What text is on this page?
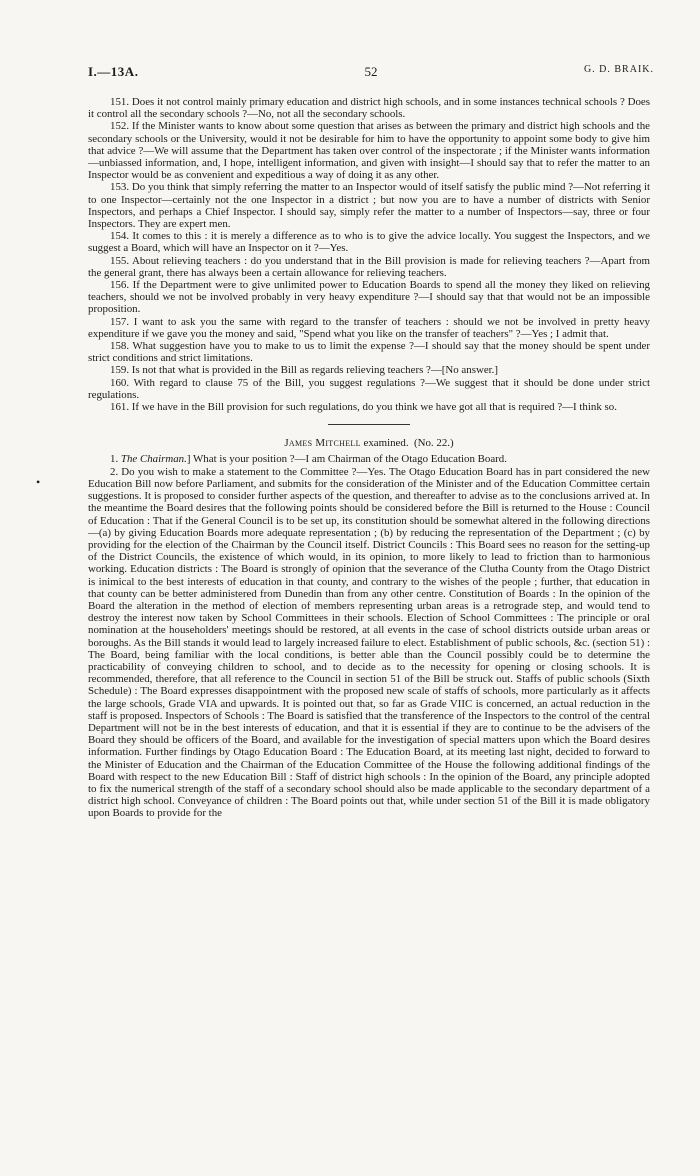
I.—13A.	52	G. D. BRAIK.
•

151. Does it not control mainly primary education and district high schools, and in some instances technical schools ? Does it control all the secondary schools ?—No, not all the secondary schools.

152. If the Minister wants to know about some question that arises as between the primary and district high schools and the secondary schools or the University, would it not be desirable for him to have the opportunity to appoint some body to give him that advice ?—We will assume that the Department has taken over control of the inspectorate ; if the Minister wants information—unbiassed information, and, I hope, intelligent information, and given with insight—I should say that to refer the matter to an Inspector would be as convenient and expeditious a way of doing it as any other.

153. Do you think that simply referring the matter to an Inspector would of itself satisfy the public mind ?—Not referring it to one Inspector—certainly not the one Inspector in a district ; but now you are to have a number of districts with Senior Inspectors, and perhaps a Chief Inspector. I should say, simply refer the matter to a number of Inspectors—say, three or four Inspectors. They are expert men.

154. It comes to this : it is merely a difference as to who is to give the advice locally. You suggest the Inspectors, and we suggest a Board, which will have an Inspector on it ?—Yes.

155. About relieving teachers : do you understand that in the Bill provision is made for relieving teachers ?—Apart from the general grant, there has always been a certain allowance for relieving teachers.

156. If the Department were to give unlimited power to Education Boards to spend all the money they liked on relieving teachers, should we not be involved probably in very heavy expenditure ?—I should say that that would not be an impossible proposition.

157. I want to ask you the same with regard to the transfer of teachers : should we not be involved in pretty heavy expenditure if we gave you the money and said, "Spend what you like on the transfer of teachers" ?—Yes ; I admit that.

158. What suggestion have you to make to us to limit the expense ?—I should say that the money should be spent under strict conditions and strict limitations.

159. Is not that what is provided in the Bill as regards relieving teachers ?—[No answer.]

160. With regard to clause 75 of the Bill, you suggest regulations ?—We suggest that it should be done under strict regulations.

161. If we have in the Bill provision for such regulations, do you think we have got all that is required ?—I think so.

James Mitchell examined. (No. 22.)

1. The Chairman.] What is your position ?—I am Chairman of the Otago Education Board.

2. Do you wish to make a statement to the Committee ?—Yes. The Otago Education Board has in part considered the new Education Bill now before Parliament, and submits for the consideration of the Minister and of the Education Committee certain suggestions. It is proposed to consider further aspects of the question, and thereafter to advise as to the conclusions arrived at. In the meantime the Board desires that the following points should be considered before the Bill is returned to the House : Council of Education : That if the General Council is to be set up, its constitution should be somewhat altered in the following directions—(a) by giving Education Boards more adequate representation ; (b) by reducing the representation of the Department ; (c) by providing for the election of the Chairman by the Council itself. District Councils : This Board sees no reason for the setting-up of the District Councils, the existence of which would, in its opinion, to more likely to lead to friction than to harmonious working. Education districts : The Board is strongly of opinion that the severance of the Clutha County from the Otago District is inimical to the best interests of education in that county, and contrary to the wishes of the people ; further, that education in that county can be better administered from Dunedin than from any other centre. Constitution of Boards : In the opinion of the Board the alteration in the method of election of members representing urban areas is a retrograde step, and would tend to destroy the interest now taken by School Committees in their schools. Election of School Committees : The principle or oral nomination at the householders' meetings should be restored, at all events in the case of school districts outside urban areas or boroughs. As the Bill stands it would lead to largely increased failure to elect. Establishment of public schools, &c. (section 51) : The Board, being familiar with the local conditions, is better able than the Council possibly could be to determine the practicability of conveying children to school, and to decide as to the necessity for opening or closing schools. It is recommended, therefore, that all reference to the Council in section 51 of the Bill be struck out. Staffs of public schools (Sixth Schedule) : The Board expresses disappointment with the proposed new scale of staffs of schools, more particularly as it affects the large schools, Grade VIA and upwards. It is pointed out that, so far as Grade VIIC is concerned, an actual reduction in the staff is proposed. Inspectors of Schools : The Board is satisfied that the transference of the Inspectors to the control of the central Department will not be in the best interests of education, and that it is essential if they are to continue to be the advisers of the Board they should be officers of the Board, and available for the investigation of special matters upon which the Board desires information. Further findings by Otago Education Board : The Education Board, at its meeting last night, decided to forward to the Minister of Education and the Chairman of the Education Committee of the House the following additional findings of the Board with respect to the new Education Bill : Staff of district high schools : In the opinion of the Board, any principle adopted to fix the numerical strength of the staff of a secondary school should also be made applicable to the secondary department of a district high school. Conveyance of children : The Board points out that, while under section 51 of the Bill it is made obligatory upon Boards to provide for the
